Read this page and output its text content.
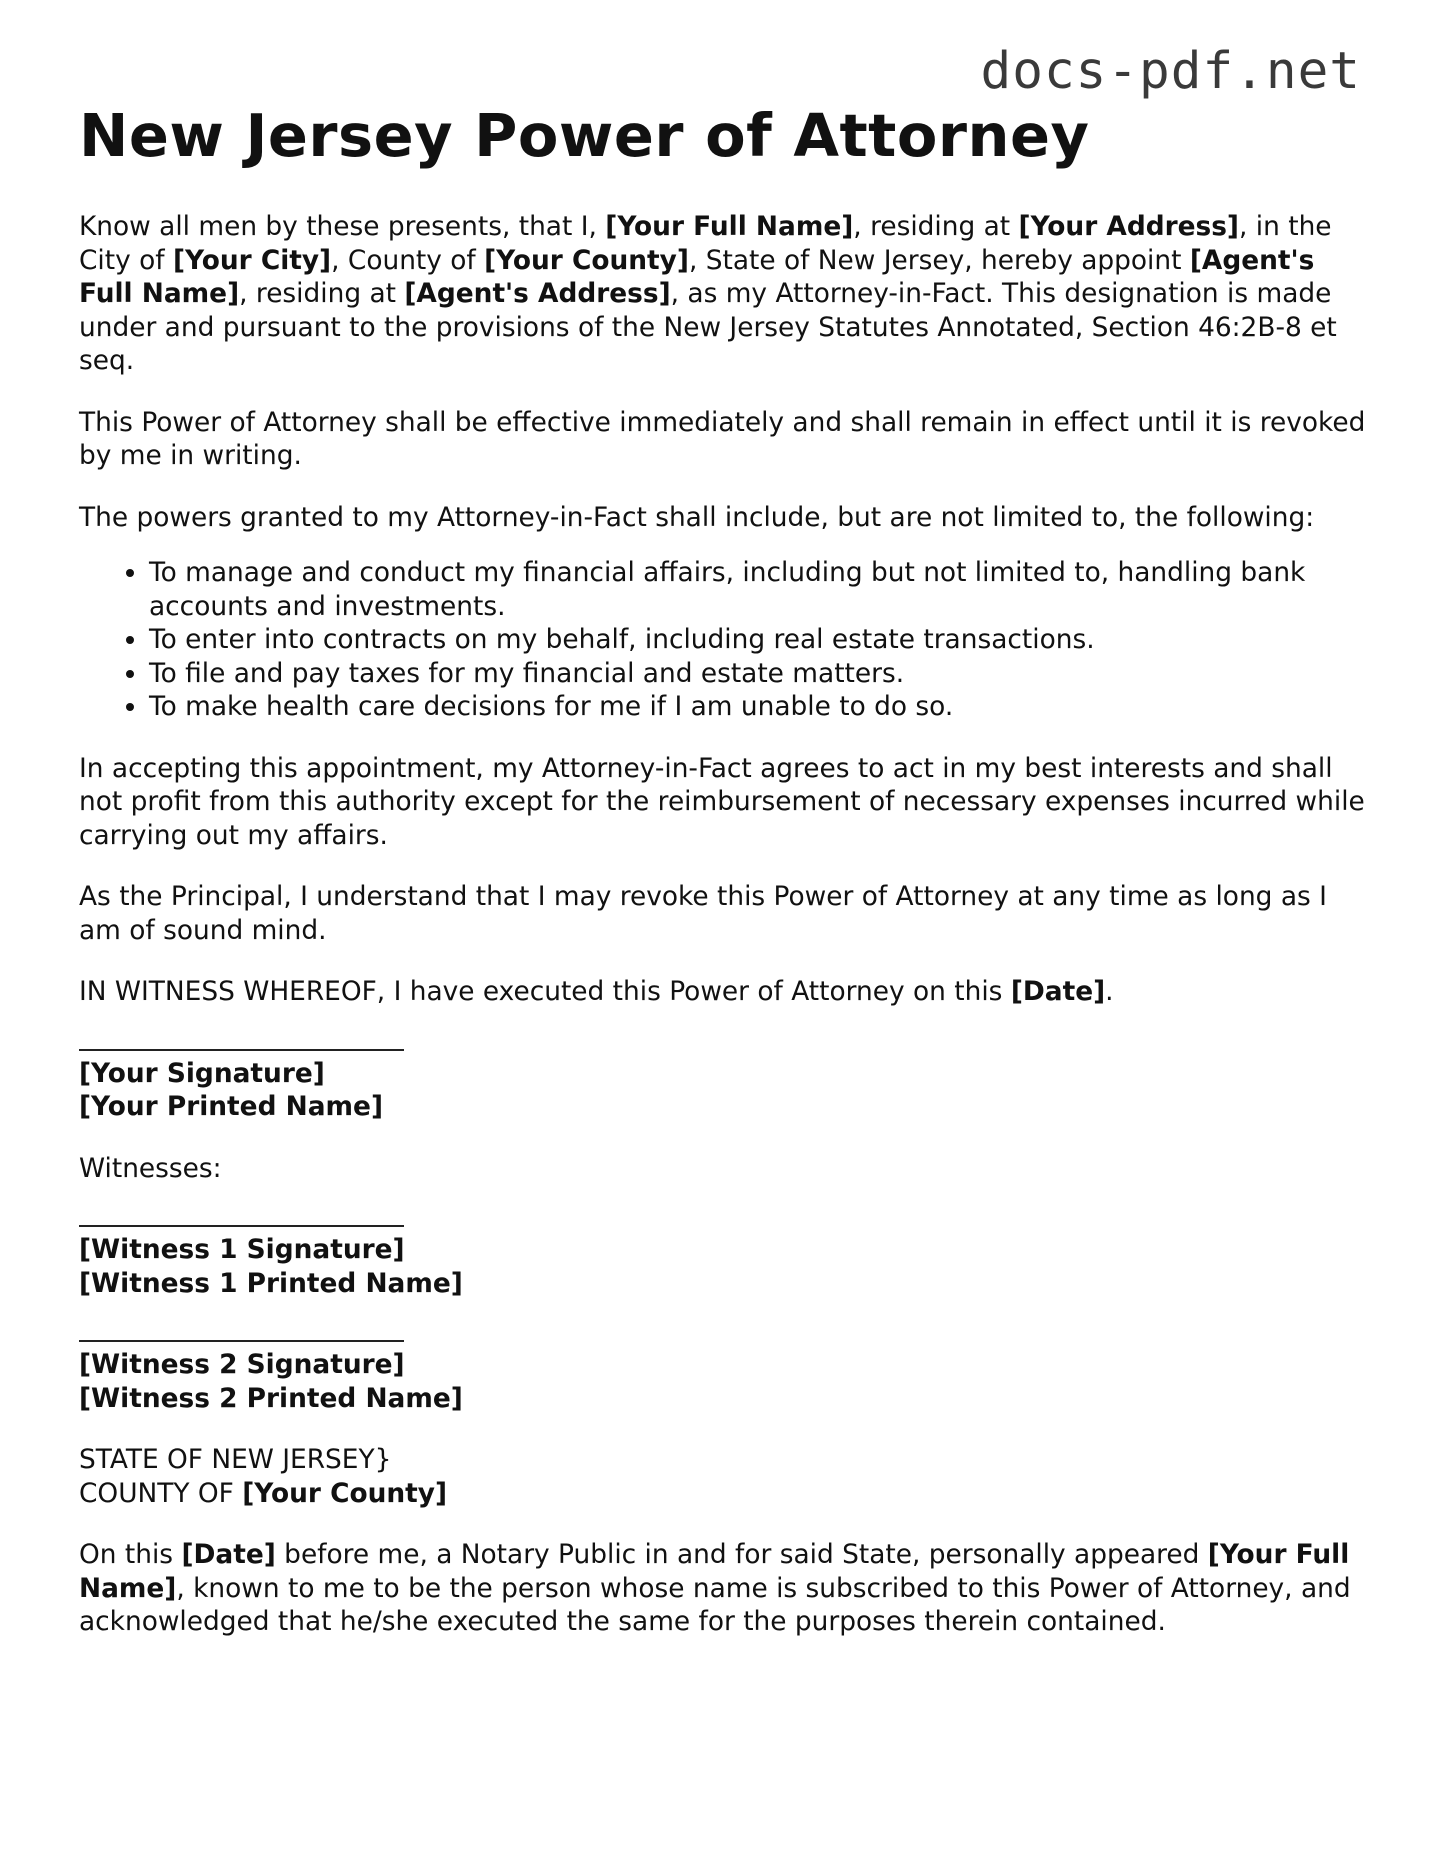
docs-pdf.net
New Jersey Power of Attorney

Know all men by these presents, that I, [Your Full Name], residing at [Your Address], in the City of [Your City], County of [Your County], State of New Jersey, hereby appoint [Agent's Full Name], residing at [Agent's Address], as my Attorney-in-Fact. This designation is made under and pursuant to the provisions of the New Jersey Statutes Annotated, Section 46:2B-8 et seq.

This Power of Attorney shall be effective immediately and shall remain in effect until it is revoked by me in writing.

The powers granted to my Attorney-in-Fact shall include, but are not limited to, the following:

• To manage and conduct my financial affairs, including but not limited to, handling bank accounts and investments.
• To enter into contracts on my behalf, including real estate transactions.
• To file and pay taxes for my financial and estate matters.
• To make health care decisions for me if I am unable to do so.

In accepting this appointment, my Attorney-in-Fact agrees to act in my best interests and shall not profit from this authority except for the reimbursement of necessary expenses incurred while carrying out my affairs.

As the Principal, I understand that I may revoke this Power of Attorney at any time as long as I am of sound mind.

IN WITNESS WHEREOF, I have executed this Power of Attorney on this [Date].

[Your Signature]
[Your Printed Name]

Witnesses:

[Witness 1 Signature]
[Witness 1 Printed Name]
[Witness 2 Signature]
[Witness 2 Printed Name]

STATE OF NEW JERSEY}
COUNTY OF [Your County]

On this [Date] before me, a Notary Public in and for said State, personally appeared [Your Full Name], known to me to be the person whose name is subscribed to this Power of Attorney, and acknowledged that he/she executed the same for the purposes therein contained.
